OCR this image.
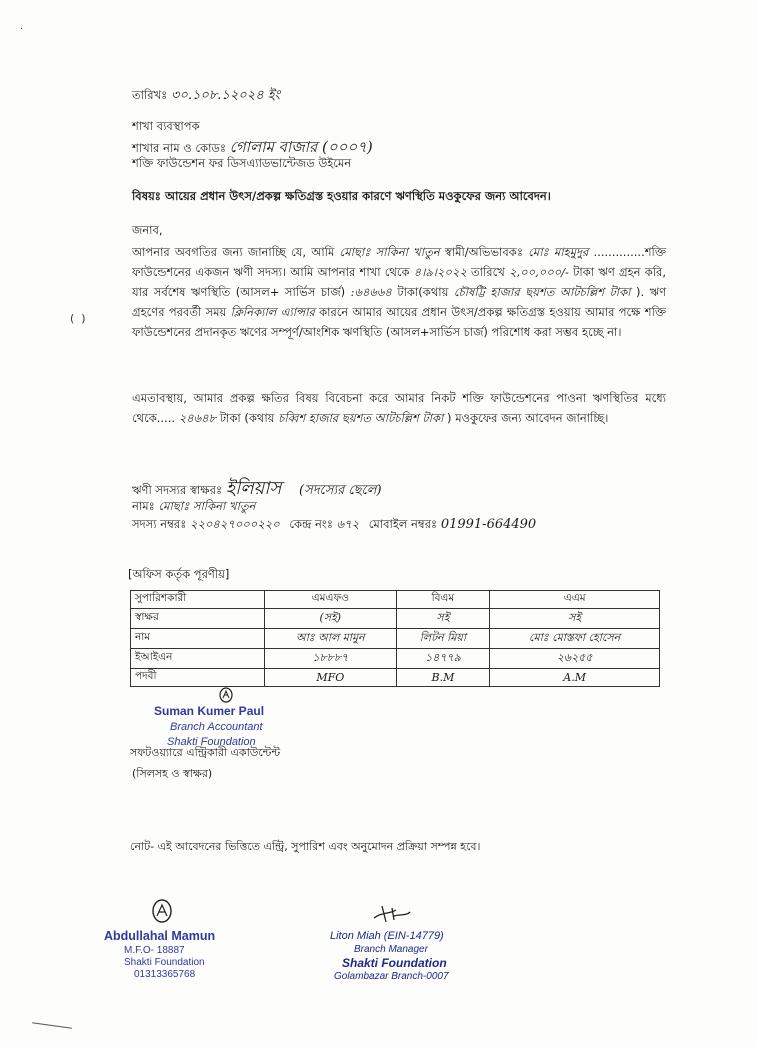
তারিখঃ ৩০.১০৮.১২০২৪ ইং
শাখা ব্যবস্থাপক
শাখার নাম ও কোডঃ গোলাম বাজার (০০০৭)
শক্তি ফাউন্ডেশন ফর ডিসএ্যাডভান্টেজড উইমেন
বিষয়ঃ আয়ের প্রধান উৎস/প্রকল্প ক্ষতিগ্রস্ত হওয়ার কারণে ঋণস্থিতি মওকুফের জন্য আবেদন।
জনাব,
আপনার অবগতির জন্য জানাচ্ছি যে, আমি মোছাঃ সাকিনা খাতুন স্বামী/অভিভাবকঃ মোঃ মাহমুদুর ..............শক্তি ফাউন্ডেশনের একজন ঋণী সদস্য। আমি আপনার শাখা থেকে ৪।৯।২০২২ তারিখে ২,০০,০০০/- টাকা ঋণ গ্রহন করি, যার সর্বশেষ ঋণস্থিতি (আসল+ সার্ভিস চার্জ) :৬৪৬৬৪ টাকা(কথায় চৌষট্টি হাজার ছয়শত আটচল্লিশ টাকা ). ঋণ গ্রহণের পরবর্তী সময় ক্লিনিক্যাল এ্যান্সার কারনে আমার আয়ের প্রধান উৎস/প্রকল্প ক্ষতিগ্রস্ত হওয়ায় আমার পক্ষে শক্তি ফাউন্ডেশনের প্রদানকৃত ঋণের সম্পূর্ণ/আংশিক ঋণস্থিতি (আসল+সার্ভিস চার্জ) পরিশোধ করা সম্ভব হচ্ছে না।
এমতাবস্থায়, আমার প্রকল্প ক্ষতির বিষয় বিবেচনা করে আমার নিকট শক্তি ফাউন্ডেশনের পাওনা ঋণস্থিতির মধ্যে থেকে..... ২৪৬৪৮ টাকা (কথায় চব্বিশ হাজার ছয়শত আটচল্লিশ টাকা ) মওকুফের জন্য আবেদন জানাচ্ছি।
ঋণী সদস্যর স্বাক্ষরঃ ইলিয়াস (সদস্যের ছেলে)
নামঃ মোছাঃ সাকিনা খাতুন
সদস্য নম্বরঃ ২২০৪২৭০০০২২০ কেন্দ্র নংঃ ৬৭২ মোবাইল নম্বরঃ 01991-664490
[অফিস কর্তৃক পূরণীয়]
সুপারিশকারী	এমএফও	বিএম	এএম
স্বাক্ষর	(সই)	সই	সই
নাম	আঃ আল মামুন	লিটন মিয়া	মোঃ মোস্তফা হোসেন
ইআইএন	১৮৮৮৭	১৪৭৭৯	২৬২৫৫
পদবী	MFO	B.M	A.M
Suman Kumer Paul
Branch Accountant
Shakti Foundation
সফটওয়্যারে এন্ট্রিকারী একাউন্টেন্ট
(সিলসহ ও স্বাক্ষর)
নোট- এই আবেদনের ভিত্তিতে এন্ট্রি, সুপারিশ এবং অনুমোদন প্রক্রিয়া সম্পন্ন হবে।
Abdullahal Mamun
M.F.O- 18887
Shakti Foundation
01313365768
Liton Miah (EIN-14779)
Branch Manager
Shakti Foundation
Golambazar Branch-0007
(  )
·
